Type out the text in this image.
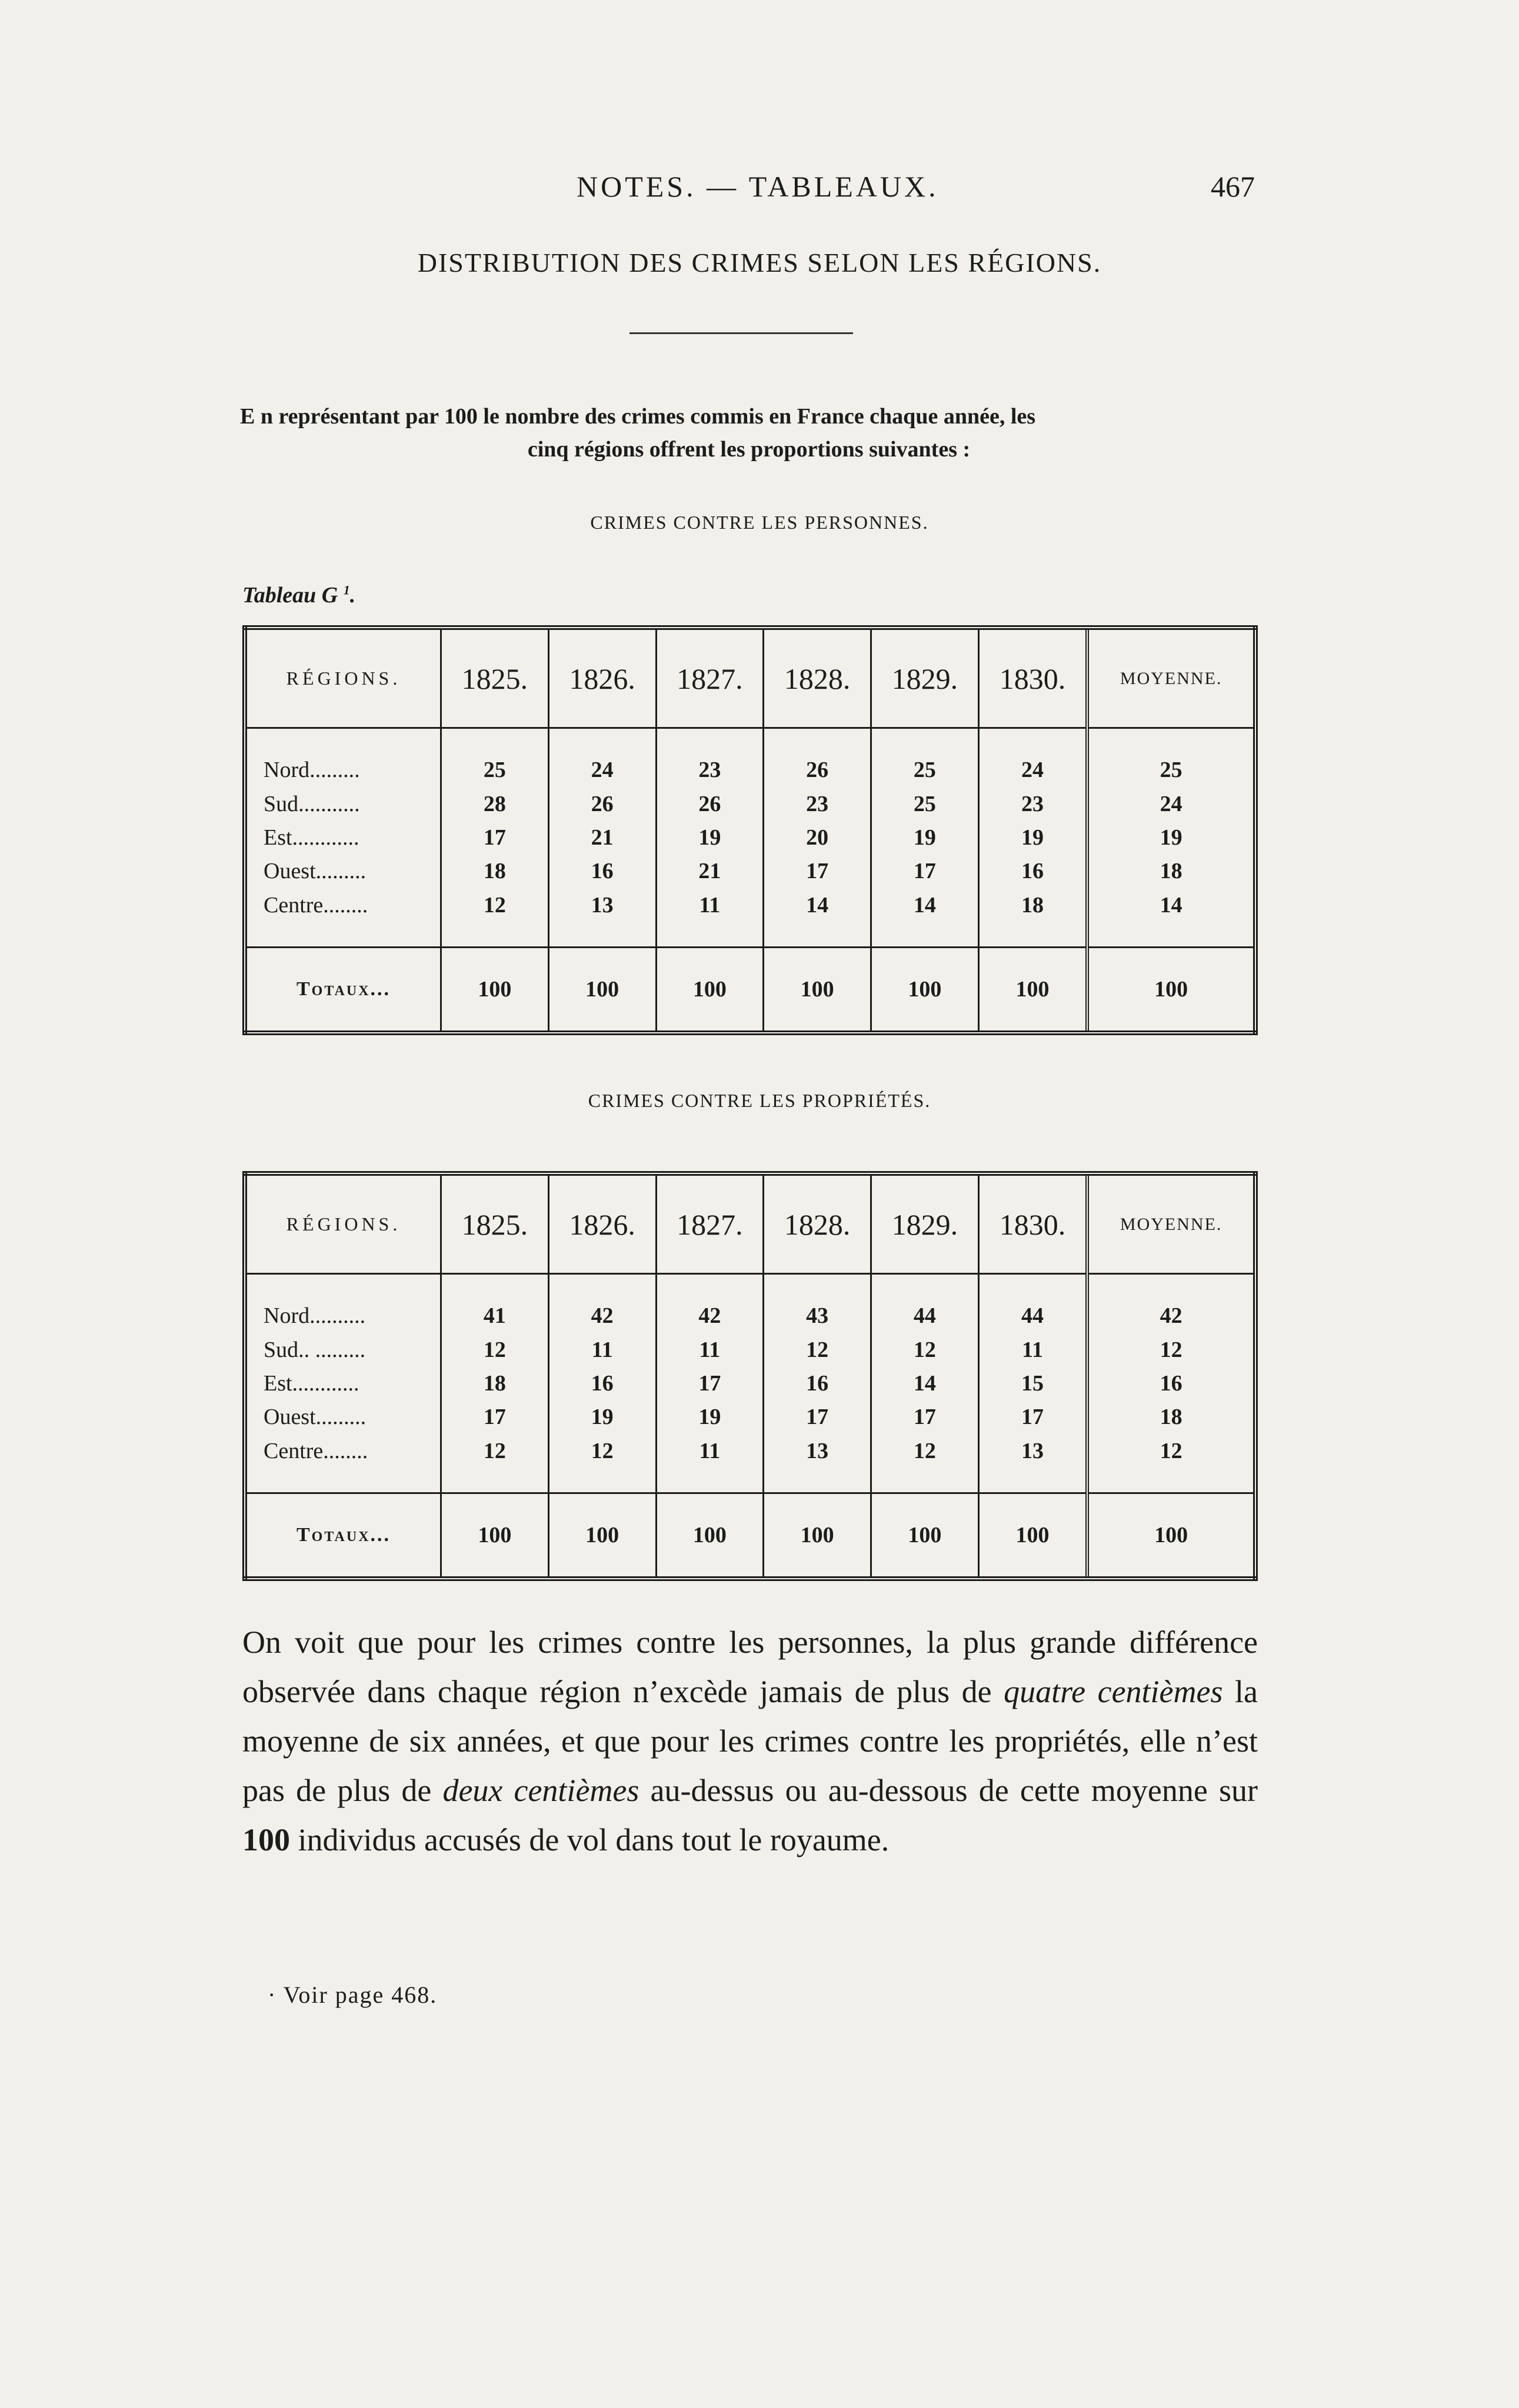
NOTES. — TABLEAUX.	467
DISTRIBUTION DES CRIMES SELON LES RÉGIONS.
E n représentant par 100 le nombre des crimes commis en France chaque année, les
cinq régions offrent les proportions suivantes :
CRIMES CONTRE LES PERSONNES.
Tableau G $^1$.
RÉGIONS.	1825.	1826.	1827.	1828.	1829.	1830.	MOYENNE.
Nord.........	25	24	23	26	25	24	25
Sud...........	28	26	26	23	25	23	24
Est............	17	21	19	20	19	19	19
Ouest.........	18	16	21	17	17	16	18
Centre........	12	13	11	14	14	18	14
Totaux...	100	100	100	100	100	100	100
CRIMES CONTRE LES PROPRIÉTÉS.
RÉGIONS.	1825.	1826.	1827.	1828.	1829.	1830.	MOYENNE.
Nord..........	41	42	42	43	44	44	42
Sud.. .........	12	11	11	12	12	11	12
Est............	18	16	17	16	14	15	16
Ouest.........	17	19	19	17	17	17	18
Centre........	12	12	11	13	12	13	12
Totaux...	100	100	100	100	100	100	100
On voit que pour les crimes contre les personnes, la plus grande différence observée dans chaque région n’excède jamais de plus de quatre centièmes la moyenne de six années, et que pour les crimes contre les propriétés, elle n’est pas de plus de deux centièmes au-dessus ou au-dessous de cette moyenne sur 100 individus accusés de vol dans tout le royaume.
· Voir page 468.
